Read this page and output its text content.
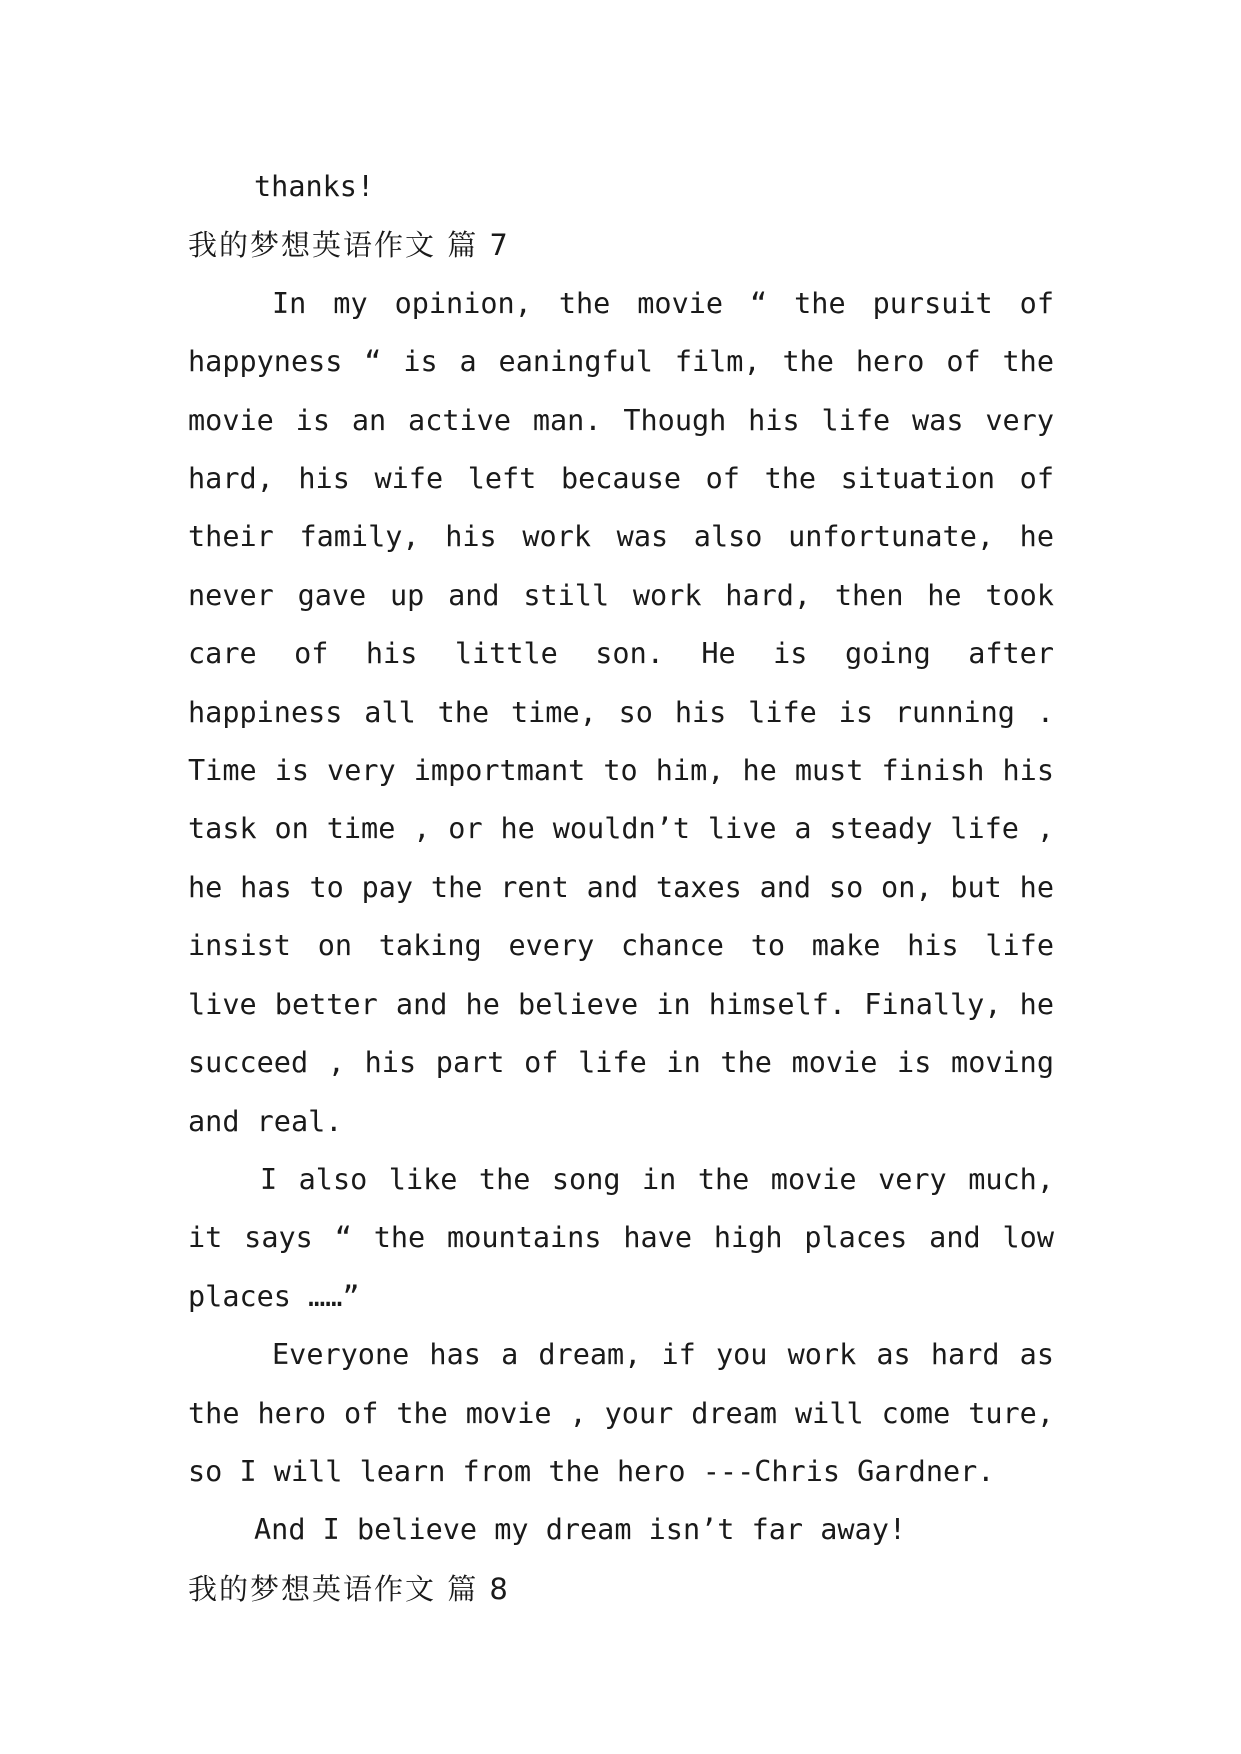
thanks!

我的梦想英语作文 篇 7

In my opinion, the movie “ the pursuit of happyness “ is a eaningful film, the hero of the movie is an active man. Though his life was very hard, his wife left because of the situation of their family, his work was also unfortunate, he never gave up and still work hard, then he took care of his little son. He is going after happiness all the time, so his life is running . Time is very importmant to him, he must finish his task on time , or he wouldn’t live a steady life , he has to pay the rent and taxes and so on, but he insist on taking every chance to make his life live better and he believe in himself. Finally, he succeed , his part of life in the movie is moving and real.

I also like the song in the movie very much, it says “ the mountains have high places and low places ……”

Everyone has a dream, if you work as hard as the hero of the movie , your dream will come ture, so I will learn from the hero ---Chris Gardner.

And I believe my dream isn’t far away!

我的梦想英语作文 篇 8
